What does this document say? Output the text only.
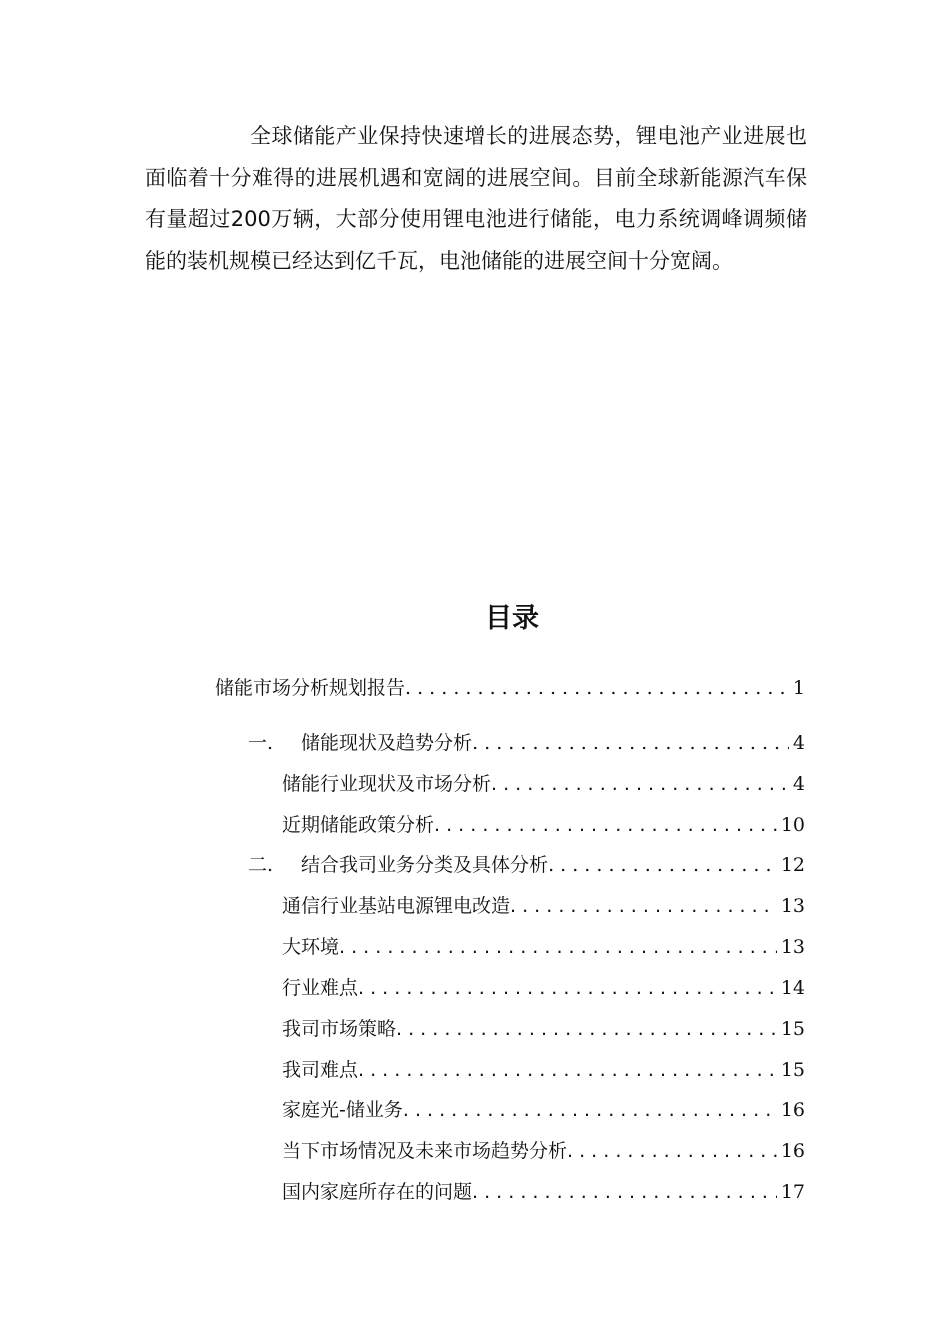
全球储能产业保持快速增长的进展态势，锂电池产业进展也面临着十分难得的进展机遇和宽阔的进展空间。目前全球新能源汽车保有量超过200万辆，大部分使用锂电池进行储能，电力系统调峰调频储能的装机规模已经达到亿千瓦，电池储能的进展空间十分宽阔。

目录
储能市场分析规划报告 . . .	1
一. 储能现状及趋势分析 . . .	4
储能行业现状及市场分析 . . .	4
近期储能政策分析 . . .	10
二. 结合我司业务分类及具体分析 . . .	12
通信行业基站电源锂电改造 . . .	13
大环境 . . .	13
行业难点 . . .	14
我司市场策略 . . .	15
我司难点 . . .	15
家庭光-储业务 . . .	16
当下市场情况及未来市场趋势分析 . . .	16
国内家庭所存在的问题 . . .	17
